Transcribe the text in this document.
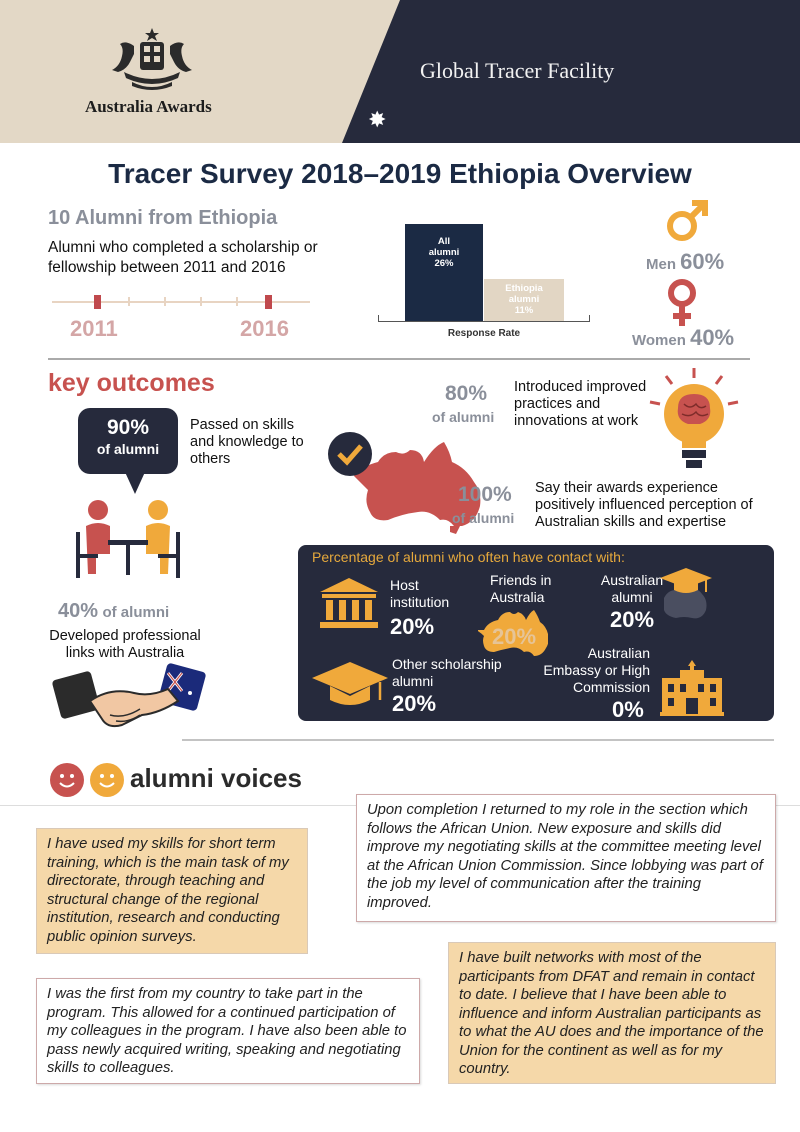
Australia Awards
Global Tracer Facility
✸
Tracer Survey 2018–2019 Ethiopia Overview
10 Alumni from Ethiopia
Alumni who completed a scholarship or fellowship between 2011 and 2016
2011	2016
All
alumni
26%
Ethiopia
alumni
11%
Response Rate
Men 60%
Women 40%
key outcomes
90%
of alumni
Passed on skills and knowledge to others
40% of alumni
Developed professional links with Australia
80%
of alumni
Introduced improved practices and innovations at work
100%
of alumni
Say their awards experience positively influenced perception of Australian skills and expertise
Percentage of alumni who often have contact with:
Host institution
20%
Friends in Australia
20%
Australian alumni
20%
Other scholarship alumni
20%
Australian Embassy or High Commission
0%
alumni voices
Upon completion I returned to my role in the section which follows the African Union. New exposure and skills did improve my negotiating skills at the committee meeting level at the African Union Commission. Since lobbying was part of the job my level of communication after the training improved.
I have used my skills for short term training, which is the main task of my directorate, through teaching and structural change of the regional institution, research and conducting public opinion surveys.
I have built networks with most of the participants from DFAT and remain in contact to date. I believe that I have been able to influence and inform Australian participants as to what the AU does and the importance of the Union for the continent as well as for my country.
I was the first from my country to take part in the program. This allowed for a continued participation of my colleagues in the program. I have also been able to pass newly acquired writing, speaking and negotiating skills to colleagues.
